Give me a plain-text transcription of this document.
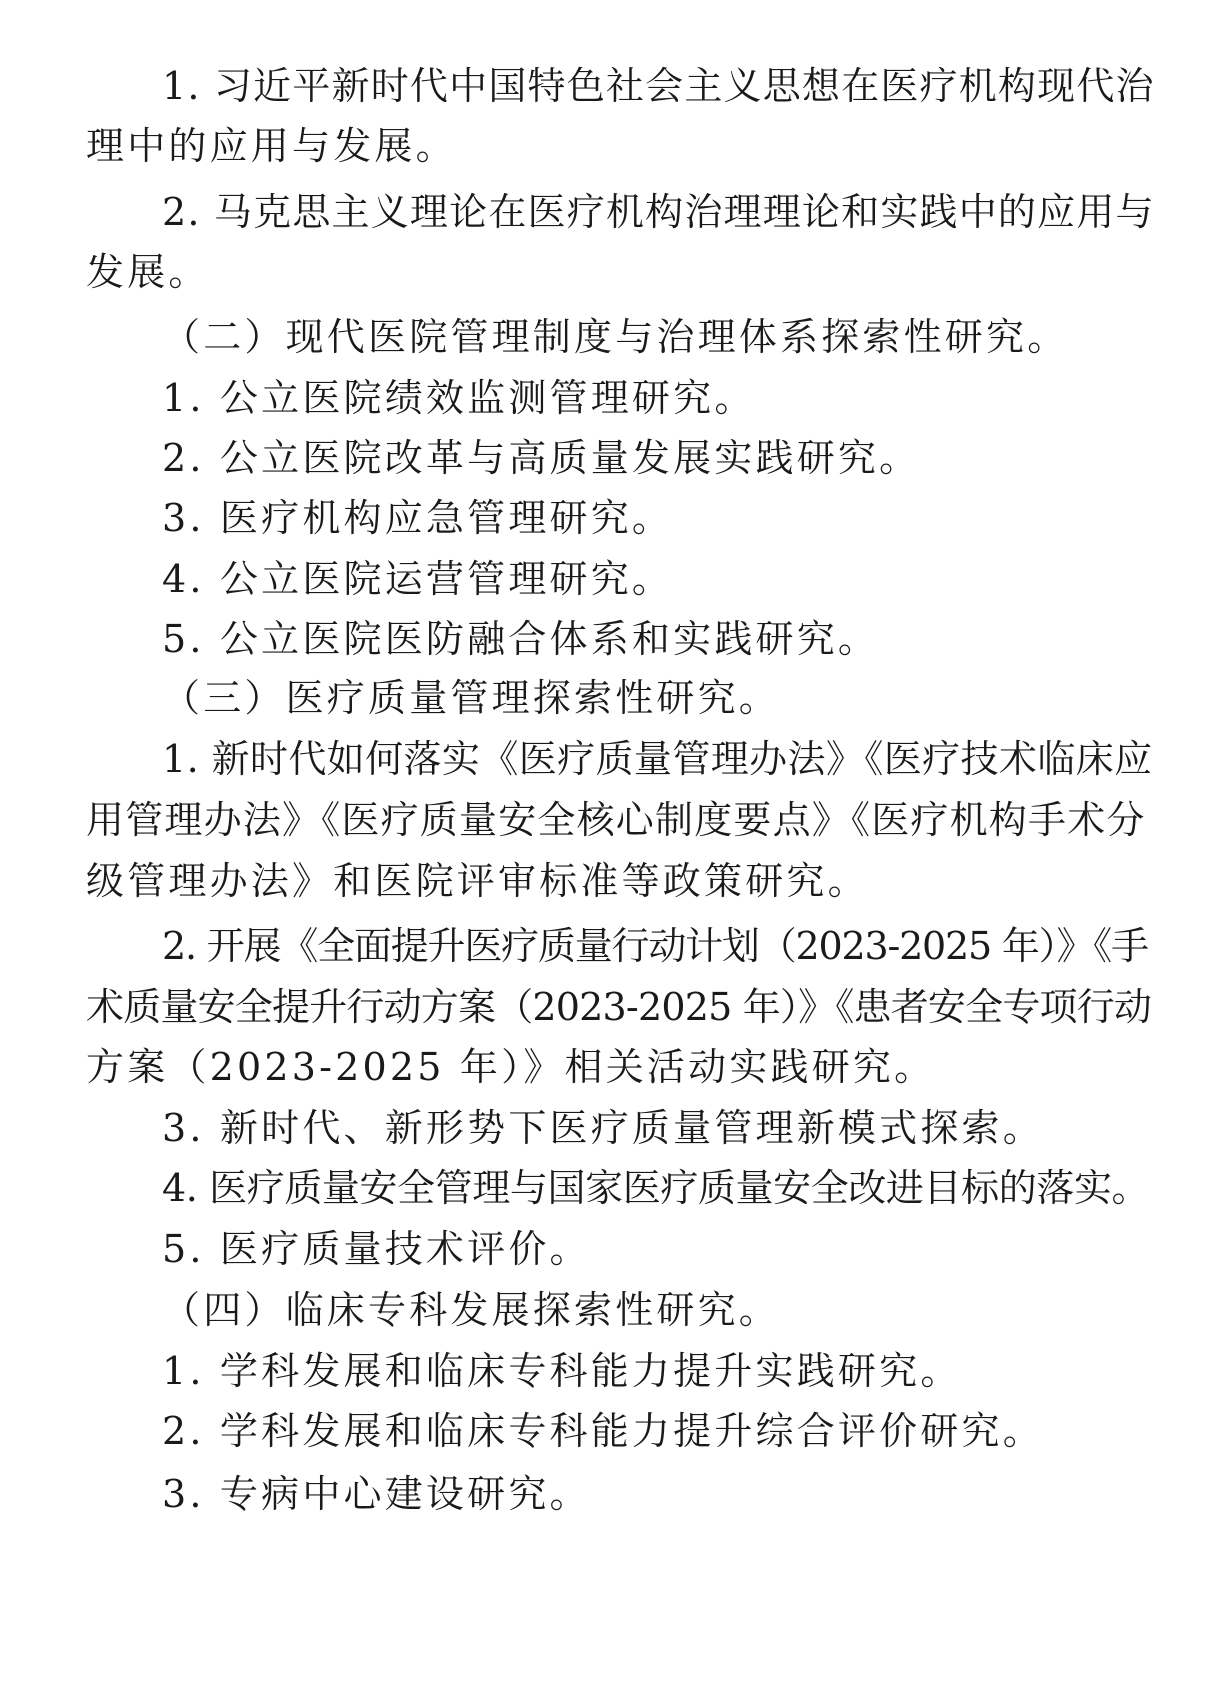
1. 习近平新时代中国特色社会主义思想在医疗机构现代治

理中的应用与发展。

2. 马克思主义理论在医疗机构治理理论和实践中的应用与

发展。

（二）现代医院管理制度与治理体系探索性研究。

1. 公立医院绩效监测管理研究。

2. 公立医院改革与高质量发展实践研究。

3. 医疗机构应急管理研究。

4. 公立医院运营管理研究。

5. 公立医院医防融合体系和实践研究。

（三）医疗质量管理探索性研究。

1. 新时代如何落实《医疗质量管理办法》《医疗技术临床应

用管理办法》《医疗质量安全核心制度要点》《医疗机构手术分

级管理办法》和医院评审标准等政策研究。

2. 开展《全面提升医疗质量行动计划（2023-2025 年）》《手

术质量安全提升行动方案（2023-2025 年）》《患者安全专项行动

方案（2023-2025 年）》相关活动实践研究。

3. 新时代、新形势下医疗质量管理新模式探索。

4. 医疗质量安全管理与国家医疗质量安全改进目标的落实。

5. 医疗质量技术评价。

（四）临床专科发展探索性研究。

1. 学科发展和临床专科能力提升实践研究。

2. 学科发展和临床专科能力提升综合评价研究。

3. 专病中心建设研究。
